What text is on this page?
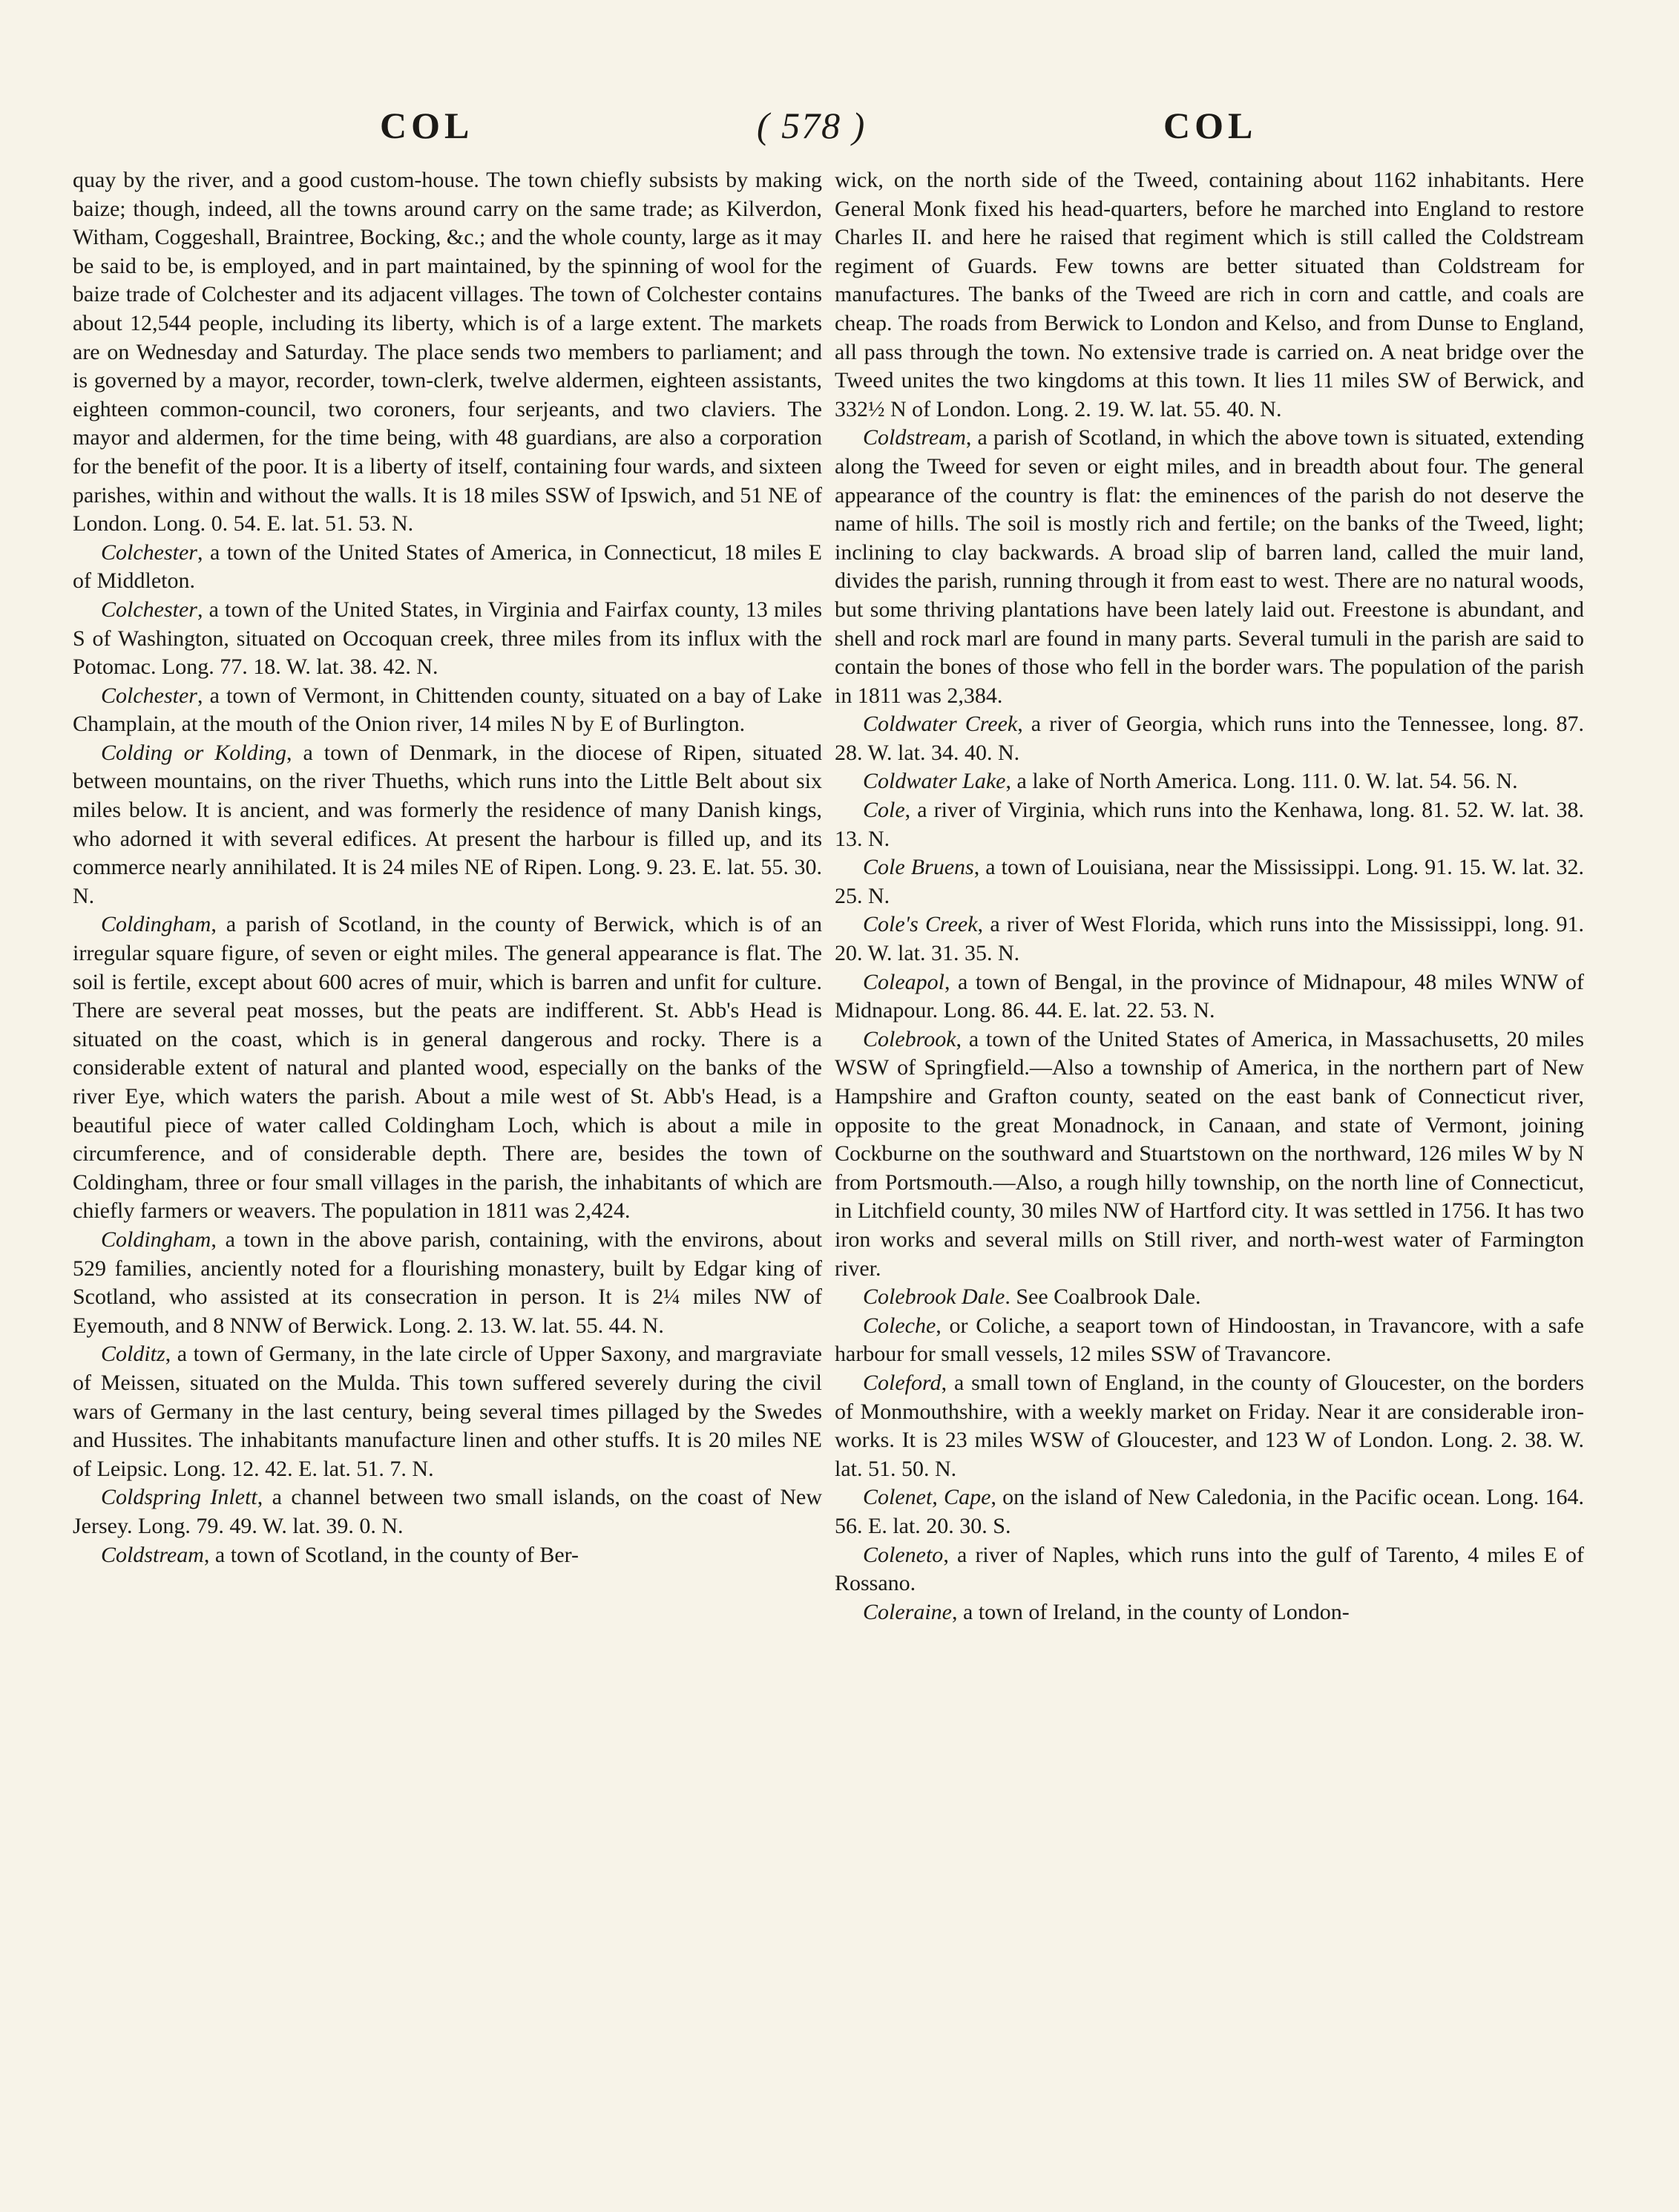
COL	( 578 )	COL

quay by the river, and a good custom-house. The town chiefly subsists by making baize; though, indeed, all the towns around carry on the same trade; as Kilverdon, Witham, Coggeshall, Braintree, Bocking, &c.; and the whole county, large as it may be said to be, is employed, and in part maintained, by the spinning of wool for the baize trade of Colchester and its adjacent villages. The town of Colchester contains about 12,544 people, including its liberty, which is of a large extent. The markets are on Wednesday and Saturday. The place sends two members to parliament; and is governed by a mayor, recorder, town-clerk, twelve aldermen, eighteen assistants, eighteen common-council, two coroners, four serjeants, and two claviers. The mayor and aldermen, for the time being, with 48 guardians, are also a corporation for the benefit of the poor. It is a liberty of itself, containing four wards, and sixteen parishes, within and without the walls. It is 18 miles SSW of Ipswich, and 51 NE of London. Long. 0. 54. E. lat. 51. 53. N.

Colchester, a town of the United States of America, in Connecticut, 18 miles E of Middleton.

Colchester, a town of the United States, in Virginia and Fairfax county, 13 miles S of Washington, situated on Occoquan creek, three miles from its influx with the Potomac. Long. 77. 18. W. lat. 38. 42. N.

Colchester, a town of Vermont, in Chittenden county, situated on a bay of Lake Champlain, at the mouth of the Onion river, 14 miles N by E of Burlington.

Colding or Kolding, a town of Denmark, in the diocese of Ripen, situated between mountains, on the river Thueths, which runs into the Little Belt about six miles below. It is ancient, and was formerly the residence of many Danish kings, who adorned it with several edifices. At present the harbour is filled up, and its commerce nearly annihilated. It is 24 miles NE of Ripen. Long. 9. 23. E. lat. 55. 30. N.

Coldingham, a parish of Scotland, in the county of Berwick, which is of an irregular square figure, of seven or eight miles. The general appearance is flat. The soil is fertile, except about 600 acres of muir, which is barren and unfit for culture. There are several peat mosses, but the peats are indifferent. St. Abb's Head is situated on the coast, which is in general dangerous and rocky. There is a considerable extent of natural and planted wood, especially on the banks of the river Eye, which waters the parish. About a mile west of St. Abb's Head, is a beautiful piece of water called Coldingham Loch, which is about a mile in circumference, and of considerable depth. There are, besides the town of Coldingham, three or four small villages in the parish, the inhabitants of which are chiefly farmers or weavers. The population in 1811 was 2,424.

Coldingham, a town in the above parish, containing, with the environs, about 529 families, anciently noted for a flourishing monastery, built by Edgar king of Scotland, who assisted at its consecration in person. It is 2¼ miles NW of Eyemouth, and 8 NNW of Berwick. Long. 2. 13. W. lat. 55. 44. N.

Colditz, a town of Germany, in the late circle of Upper Saxony, and margraviate of Meissen, situated on the Mulda. This town suffered severely during the civil wars of Germany in the last century, being several times pillaged by the Swedes and Hussites. The inhabitants manufacture linen and other stuffs. It is 20 miles NE of Leipsic. Long. 12. 42. E. lat. 51. 7. N.

Coldspring Inlett, a channel between two small islands, on the coast of New Jersey. Long. 79. 49. W. lat. 39. 0. N.

Coldstream, a town of Scotland, in the county of Ber-

wick, on the north side of the Tweed, containing about 1162 inhabitants. Here General Monk fixed his head-quarters, before he marched into England to restore Charles II. and here he raised that regiment which is still called the Coldstream regiment of Guards. Few towns are better situated than Coldstream for manufactures. The banks of the Tweed are rich in corn and cattle, and coals are cheap. The roads from Berwick to London and Kelso, and from Dunse to England, all pass through the town. No extensive trade is carried on. A neat bridge over the Tweed unites the two kingdoms at this town. It lies 11 miles SW of Berwick, and 332½ N of London. Long. 2. 19. W. lat. 55. 40. N.

Coldstream, a parish of Scotland, in which the above town is situated, extending along the Tweed for seven or eight miles, and in breadth about four. The general appearance of the country is flat: the eminences of the parish do not deserve the name of hills. The soil is mostly rich and fertile; on the banks of the Tweed, light; inclining to clay backwards. A broad slip of barren land, called the muir land, divides the parish, running through it from east to west. There are no natural woods, but some thriving plantations have been lately laid out. Freestone is abundant, and shell and rock marl are found in many parts. Several tumuli in the parish are said to contain the bones of those who fell in the border wars. The population of the parish in 1811 was 2,384.

Coldwater Creek, a river of Georgia, which runs into the Tennessee, long. 87. 28. W. lat. 34. 40. N.

Coldwater Lake, a lake of North America. Long. 111. 0. W. lat. 54. 56. N.

Cole, a river of Virginia, which runs into the Kenhawa, long. 81. 52. W. lat. 38. 13. N.

Cole Bruens, a town of Louisiana, near the Mississippi. Long. 91. 15. W. lat. 32. 25. N.

Cole's Creek, a river of West Florida, which runs into the Mississippi, long. 91. 20. W. lat. 31. 35. N.

Coleapol, a town of Bengal, in the province of Midnapour, 48 miles WNW of Midnapour. Long. 86. 44. E. lat. 22. 53. N.

Colebrook, a town of the United States of America, in Massachusetts, 20 miles WSW of Springfield.—Also a township of America, in the northern part of New Hampshire and Grafton county, seated on the east bank of Connecticut river, opposite to the great Monadnock, in Canaan, and state of Vermont, joining Cockburne on the southward and Stuartstown on the northward, 126 miles W by N from Portsmouth.—Also, a rough hilly township, on the north line of Connecticut, in Litchfield county, 30 miles NW of Hartford city. It was settled in 1756. It has two iron works and several mills on Still river, and north-west water of Farmington river.

Colebrook Dale. See Coalbrook Dale.

Coleche, or Coliche, a seaport town of Hindoostan, in Travancore, with a safe harbour for small vessels, 12 miles SSW of Travancore.

Coleford, a small town of England, in the county of Gloucester, on the borders of Monmouthshire, with a weekly market on Friday. Near it are considerable iron-works. It is 23 miles WSW of Gloucester, and 123 W of London. Long. 2. 38. W. lat. 51. 50. N.

Colenet, Cape, on the island of New Caledonia, in the Pacific ocean. Long. 164. 56. E. lat. 20. 30. S.

Coleneto, a river of Naples, which runs into the gulf of Tarento, 4 miles E of Rossano.

Coleraine, a town of Ireland, in the county of London-
